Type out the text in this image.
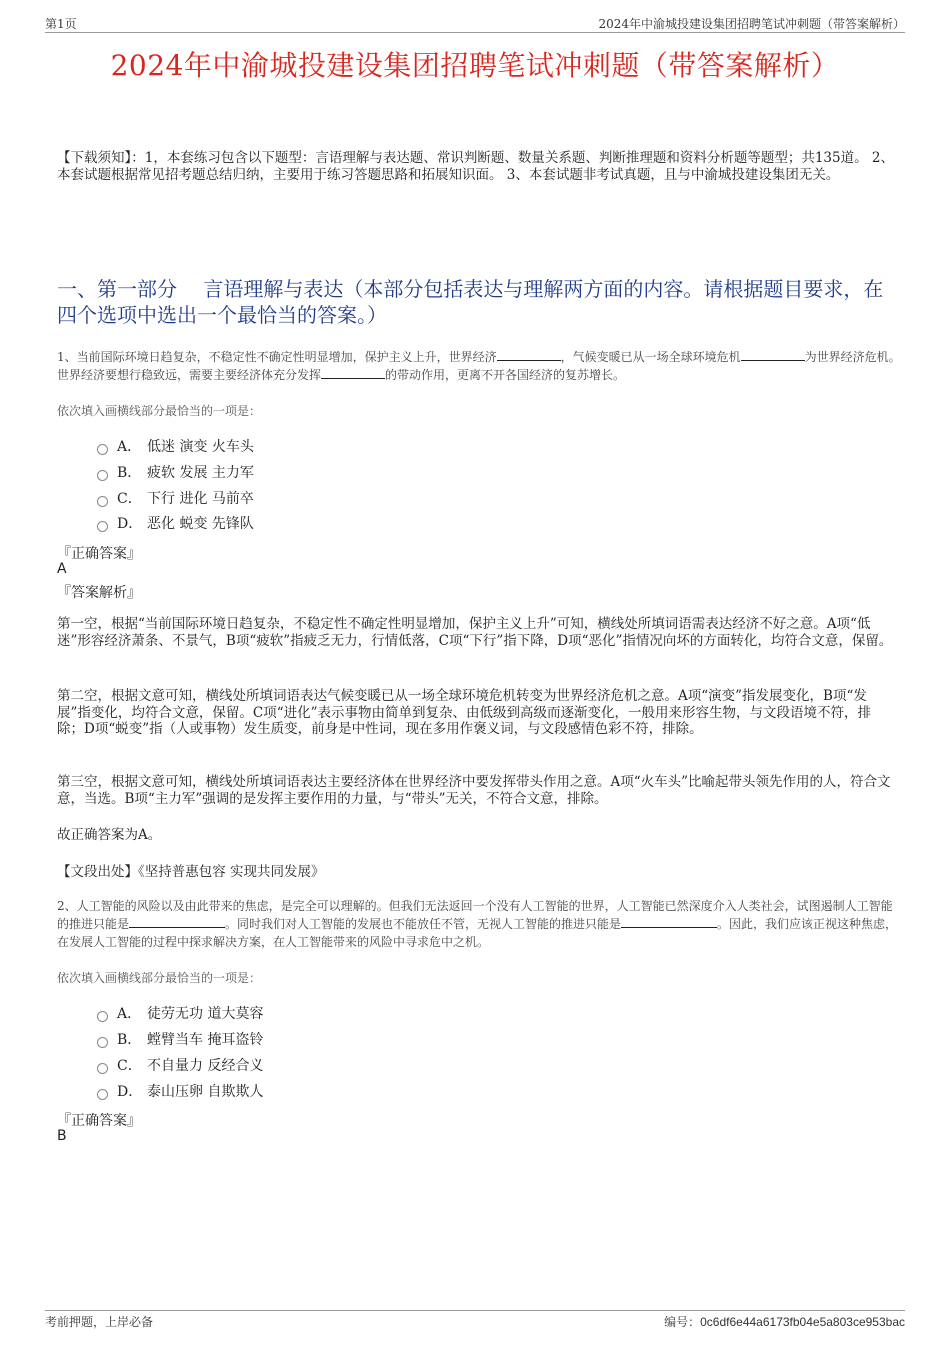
第1页	2024年中渝城投建设集团招聘笔试冲刺题（带答案解析）
2024年中渝城投建设集团招聘笔试冲刺题（带答案解析）
【下载须知】：1，本套练习包含以下题型：言语理解与表达题、常识判断题、数量关系题、判断推理题和资料分析题等题型；共135道。 2、本套试题根据常见招考题总结归纳，主要用于练习答题思路和拓展知识面。 3、本套试题非考试真题，且与中渝城投建设集团无关。
一、第一部分　 言语理解与表达（本部分包括表达与理解两方面的内容。请根据题目要求，在四个选项中选出一个最恰当的答案。）
1、当前国际环境日趋复杂，不稳定性不确定性明显增加，保护主义上升，世界经济	，气候变暖已从一场全球环境危机	为世界经济危机。世界经济要想行稳致远，需要主要经济体充分发挥	的带动作用，更离不开各国经济的复苏增长。
依次填入画横线部分最恰当的一项是：
A． 低迷 演变 火车头
B． 疲软 发展 主力军
C． 下行 进化 马前卒
D． 恶化 蜕变 先锋队
『正确答案』
A
『答案解析』
第一空，根据“当前国际环境日趋复杂，不稳定性不确定性明显增加，保护主义上升”可知，横线处所填词语需表达经济不好之意。A项“低迷”形容经济萧条、不景气，B项“疲软”指疲乏无力，行情低落，C项“下行”指下降，D项“恶化”指情况向坏的方面转化，均符合文意，保留。
第二空，根据文意可知，横线处所填词语表达气候变暖已从一场全球环境危机转变为世界经济危机之意。A项“演变”指发展变化，B项“发展”指变化，均符合文意，保留。C项“进化”表示事物由简单到复杂、由低级到高级而逐渐变化，一般用来形容生物，与文段语境不符，排除；D项“蜕变”指（人或事物）发生质变，前身是中性词，现在多用作褒义词，与文段感情色彩不符，排除。
第三空，根据文意可知，横线处所填词语表达主要经济体在世界经济中要发挥带头作用之意。A项“火车头”比喻起带头领先作用的人，符合文意，当选。B项“主力军”强调的是发挥主要作用的力量，与“带头”无关，不符合文意，排除。
故正确答案为A。
【文段出处】《坚持普惠包容 实现共同发展》
2、人工智能的风险以及由此带来的焦虑，是完全可以理解的。但我们无法返回一个没有人工智能的世界，人工智能已然深度介入人类社会，试图遏制人工智能的推进只能是	。同时我们对人工智能的发展也不能放任不管，无视人工智能的推进只能是	。因此，我们应该正视这种焦虑，在发展人工智能的过程中探求解决方案，在人工智能带来的风险中寻求危中之机。
依次填入画横线部分最恰当的一项是：
A． 徒劳无功 道大莫容
B． 螳臂当车 掩耳盗铃
C． 不自量力 反经合义
D． 泰山压卵 自欺欺人
『正确答案』
B
考前押题，上岸必备	编号：0c6df6e44a6173fb04e5a803ce953bac
